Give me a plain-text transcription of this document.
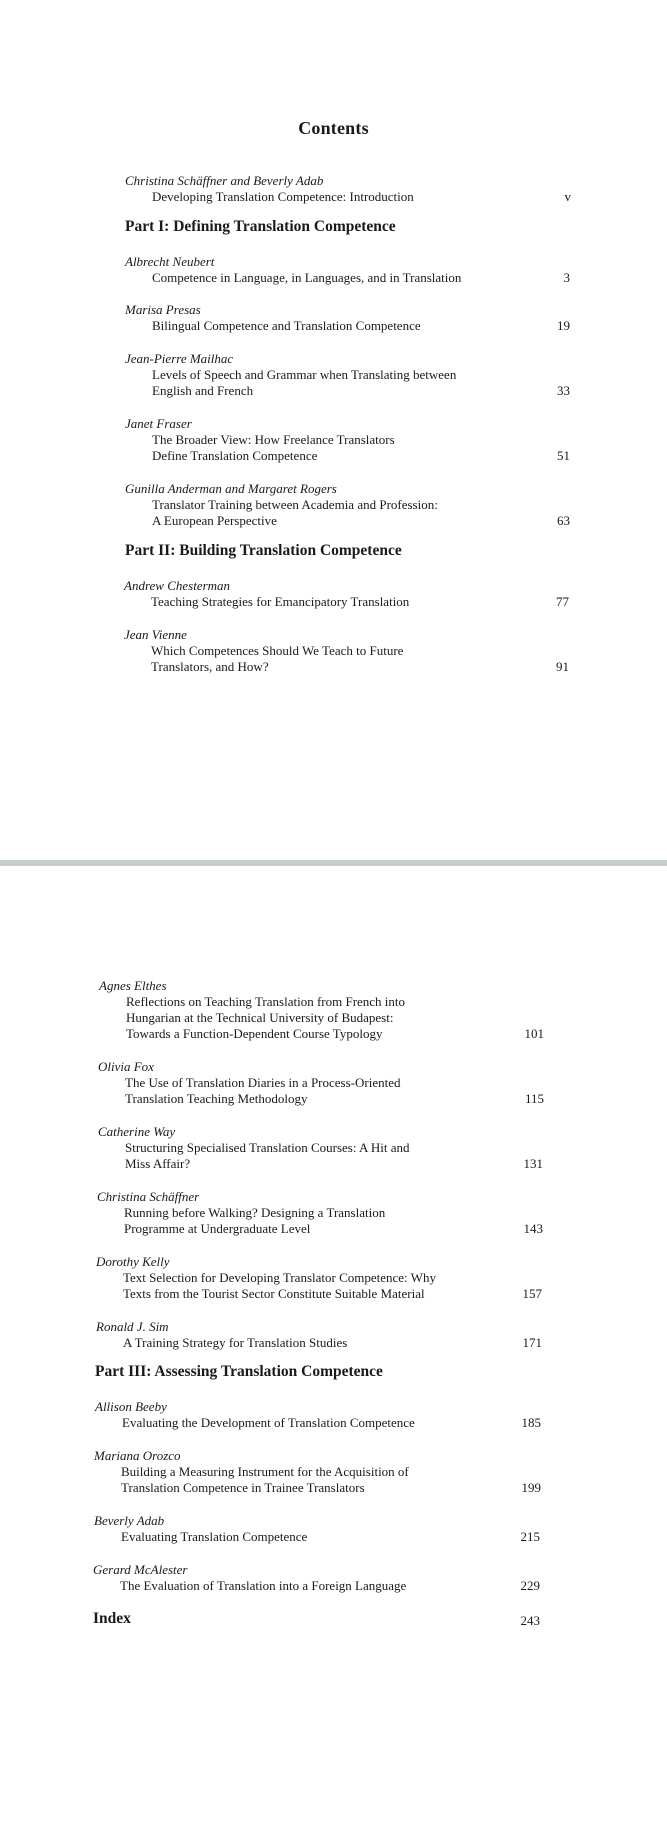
Contents
Christina Schäffner and Beverly Adab
Developing Translation Competence: Introduction	v
Part I: Defining Translation Competence
Albrecht Neubert
Competence in Language, in Languages, and in Translation	3
Marisa Presas
Bilingual Competence and Translation Competence	19
Jean-Pierre Mailhac
Levels of Speech and Grammar when Translating between
English and French	33
Janet Fraser
The Broader View: How Freelance Translators
Define Translation Competence	51
Gunilla Anderman and Margaret Rogers
Translator Training between Academia and Profession:
A European Perspective	63
Part II: Building Translation Competence
Andrew Chesterman
Teaching Strategies for Emancipatory Translation	77
Jean Vienne
Which Competences Should We Teach to Future
Translators, and How?	91
Agnes Elthes
Reflections on Teaching Translation from French into
Hungarian at the Technical University of Budapest:
Towards a Function-Dependent Course Typology	101
Olivia Fox
The Use of Translation Diaries in a Process-Oriented
Translation Teaching Methodology	115
Catherine Way
Structuring Specialised Translation Courses: A Hit and
Miss Affair?	131
Christina Schäffner
Running before Walking? Designing a Translation
Programme at Undergraduate Level	143
Dorothy Kelly
Text Selection for Developing Translator Competence: Why
Texts from the Tourist Sector Constitute Suitable Material	157
Ronald J. Sim
A Training Strategy for Translation Studies	171
Part III: Assessing Translation Competence
Allison Beeby
Evaluating the Development of Translation Competence	185
Mariana Orozco
Building a Measuring Instrument for the Acquisition of
Translation Competence in Trainee Translators	199
Beverly Adab
Evaluating Translation Competence	215
Gerard McAlester
The Evaluation of Translation into a Foreign Language	229
Index	243
